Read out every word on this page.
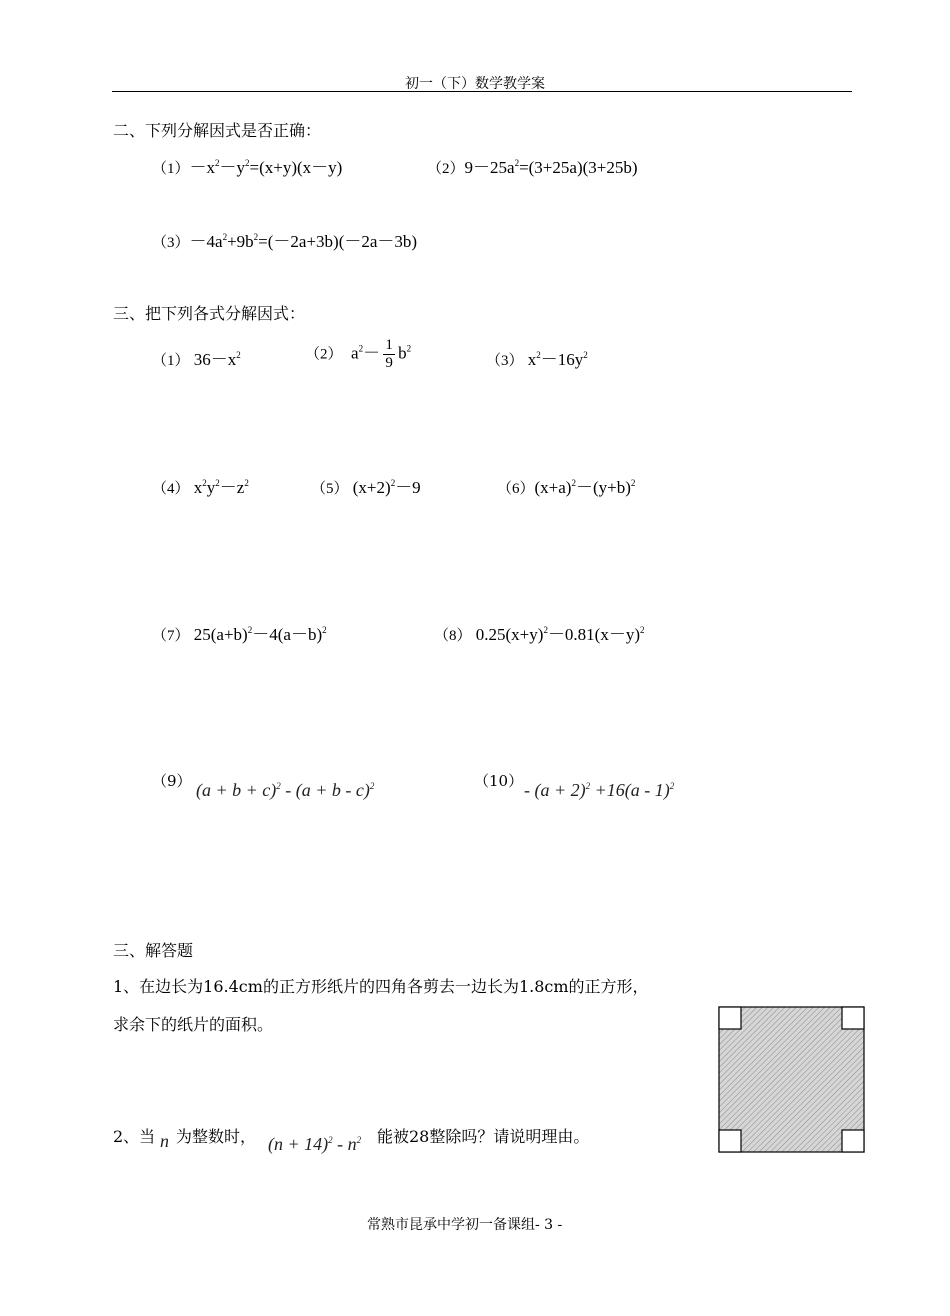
初一（下）数学教学案
二、下列分解因式是否正确：
$(1)-x^2-y^2=(x+y)(x-y)$	$(2)9-25a^2=(3+25a)(3+25b)$
$(3)-4a^2+9b^2=(-2a+3b)(-2a-3b)$
三、把下列各式分解因式：
（1） $36-x^2$	（2） $a^2- \frac{1}{9} b^2$
（3） $x^2-16y^2$
（4） $x^2y^2-z^2$	（5） $(x+2)^2-9$	$(6)(x+a)^2-(y+b)^2$
（7） $25(a+b)^2-4(a-b)^2$	（8） $0.25(x+y)^2-0.81(x-y)^2$
（9） $(a + b + c)^2 - (a + b - c)^2$	$(10) - (a + 2)^2 +16(a - 1)^2$
三、解答题
1、在边长为16.4cm的正方形纸片的四角各剪去一边长为1.8cm的正方形，
求余下的纸片的面积。
2、当 n 为整数时， $(n + 14)^2 - n^2$ 能被28整除吗？请说明理由。
常熟市昆承中学初一备课组- 3 -
